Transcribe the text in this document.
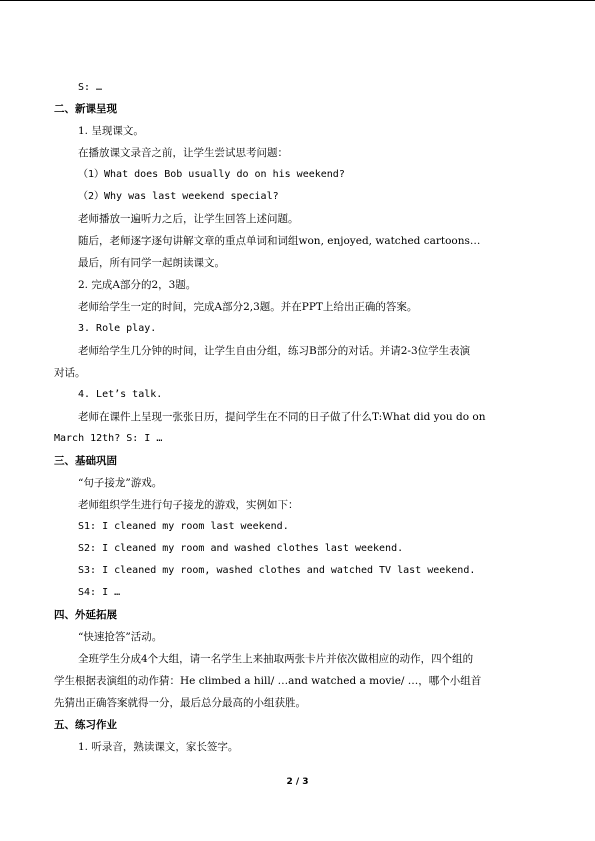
S: …
二、新课呈现
1. 呈现课文。
在播放课文录音之前，让学生尝试思考问题：
（1）What does Bob usually do on his weekend?
（2）Why was last weekend special?
老师播放一遍听力之后，让学生回答上述问题。
随后，老师逐字逐句讲解文章的重点单词和词组won, enjoyed, watched cartoons…
最后，所有同学一起朗读课文。
2. 完成A部分的2，3题。
老师给学生一定的时间，完成A部分2,3题。并在PPT上给出正确的答案。
3. Role play.
老师给学生几分钟的时间，让学生自由分组，练习B部分的对话。并请2-3位学生表演
对话。
4. Let’s talk.
老师在课件上呈现一张张日历，提问学生在不同的日子做了什么T:What did you do on
March 12th? S: I …
三、基础巩固
“句子接龙”游戏。
老师组织学生进行句子接龙的游戏，实例如下：
S1: I cleaned my room last weekend.
S2: I cleaned my room and washed clothes last weekend.
S3: I cleaned my room, washed clothes and watched TV last weekend.
S4: I …
四、外延拓展
“快速抢答”活动。
全班学生分成4个大组，请一名学生上来抽取两张卡片并依次做相应的动作，四个组的
学生根据表演组的动作猜：He climbed a hill/ …and watched a movie/ …，哪个小组首
先猜出正确答案就得一分，最后总分最高的小组获胜。
五、练习作业
1. 听录音，熟读课文，家长签字。
2 / 3
